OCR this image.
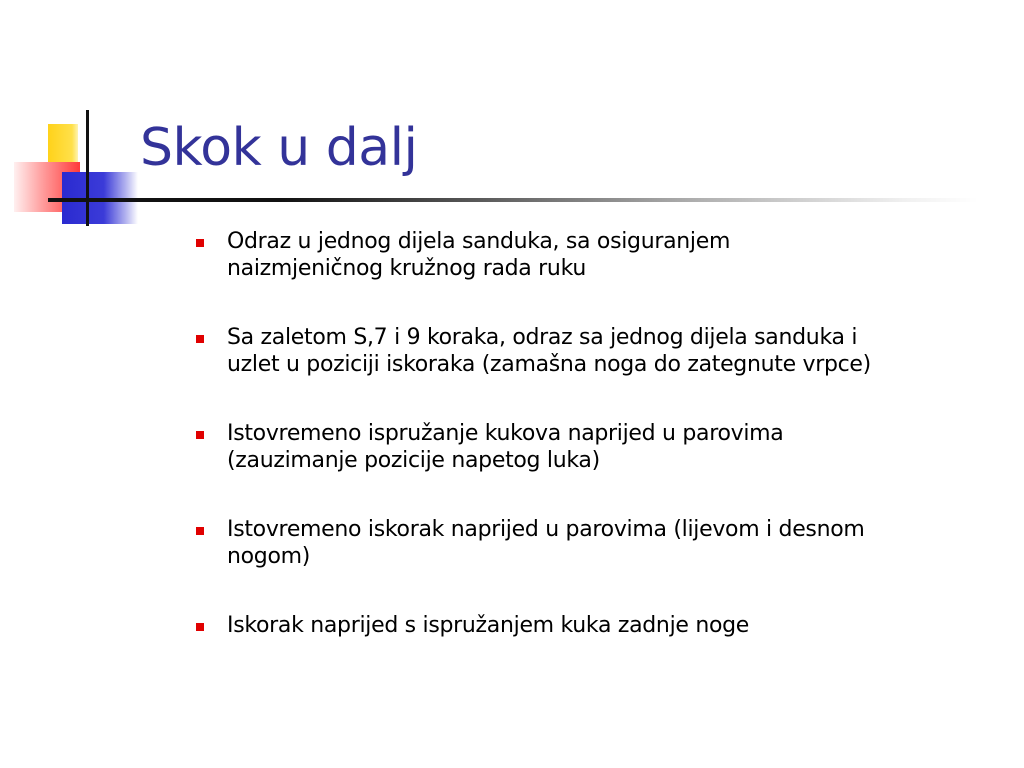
Skok u dalj
Odraz u jednog dijela sanduka, sa osiguranjem
naizmjeničnog kružnog rada ruku
Sa zaletom S,7 i 9 koraka, odraz sa jednog dijela sanduka i
uzlet u poziciji iskoraka (zamašna noga do zategnute vrpce)
Istovremeno ispružanje kukova naprijed u parovima
(zauzimanje pozicije napetog luka)
Istovremeno iskorak naprijed u parovima (lijevom i desnom
nogom)
Iskorak naprijed s ispružanjem kuka zadnje noge
